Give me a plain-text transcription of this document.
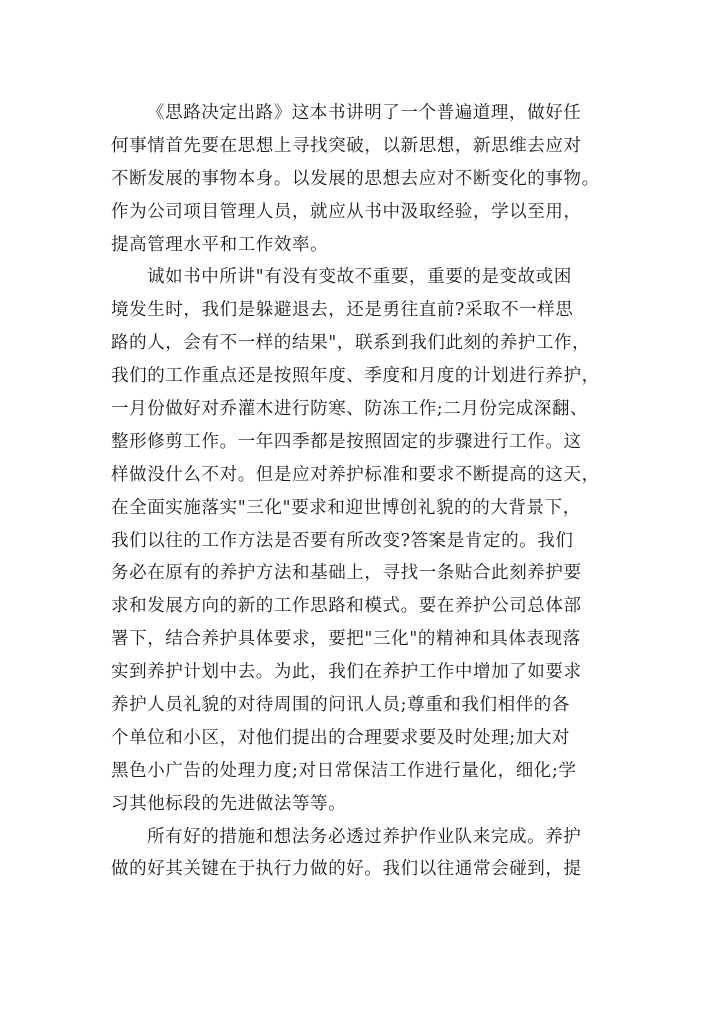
《思路决定出路》这本书讲明了一个普遍道理，做好任
何事情首先要在思想上寻找突破，以新思想，新思维去应对
不断发展的事物本身。以发展的思想去应对不断变化的事物。
作为公司项目管理人员，就应从书中汲取经验，学以至用，
提高管理水平和工作效率。
诚如书中所讲"有没有变故不重要，重要的是变故或困
境发生时，我们是躲避退去，还是勇往直前?采取不一样思
路的人，会有不一样的结果"，联系到我们此刻的养护工作，
我们的工作重点还是按照年度、季度和月度的计划进行养护，
一月份做好对乔灌木进行防寒、防冻工作;二月份完成深翻、
整形修剪工作。一年四季都是按照固定的步骤进行工作。这
样做没什么不对。但是应对养护标准和要求不断提高的这天，
在全面实施落实"三化"要求和迎世博创礼貌的的大背景下，
我们以往的工作方法是否要有所改变?答案是肯定的。我们
务必在原有的养护方法和基础上，寻找一条贴合此刻养护要
求和发展方向的新的工作思路和模式。要在养护公司总体部
署下，结合养护具体要求，要把"三化"的精神和具体表现落
实到养护计划中去。为此，我们在养护工作中增加了如要求
养护人员礼貌的对待周围的问讯人员;尊重和我们相伴的各
个单位和小区，对他们提出的合理要求要及时处理;加大对
黑色小广告的处理力度;对日常保洁工作进行量化，细化;学
习其他标段的先进做法等等。
所有好的措施和想法务必透过养护作业队来完成。养护
做的好其关键在于执行力做的好。我们以往通常会碰到，提
